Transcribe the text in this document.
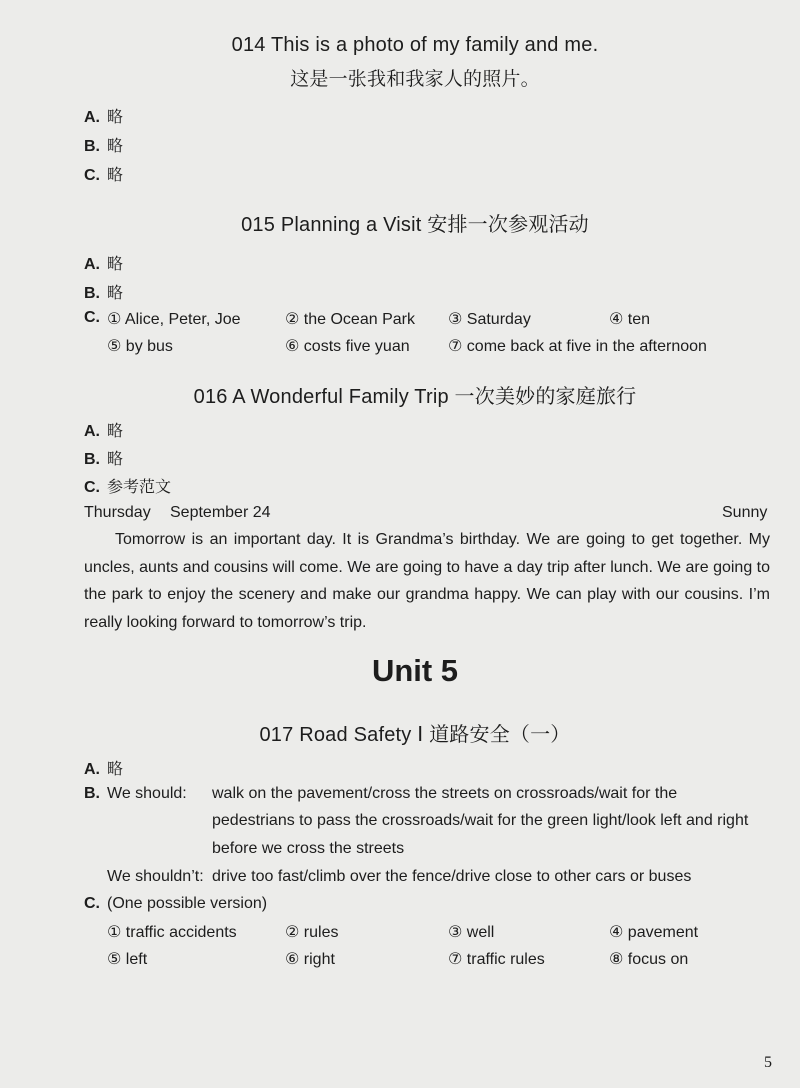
014 This is a photo of my family and me.
这是一张我和我家人的照片。
A. 略
B. 略
C. 略
015 Planning a Visit 安排一次参观活动
A. 略
B. 略
C. ① Alice, Peter, Joe	② the Ocean Park ③ Saturday	④ ten
⑤ by bus	⑥ costs five yuan ⑦ come back at five in the afternoon
016 A Wonderful Family Trip 一次美妙的家庭旅行
A. 略
B. 略
C. 参考范文
Thursday September 24	Sunny
Tomorrow is an important day. It is Grandma’s birthday. We are going to get together. My uncles, aunts and cousins will come. We are going to have a day trip after lunch. We are going to the park to enjoy the scenery and make our grandma happy. We can play with our cousins. I’m really looking forward to tomorrow’s trip.
Unit 5
017 Road Safety Ⅰ 道路安全（一）
A. 略
B. We should: walk on the pavement/cross the streets on crossroads/wait for the
pedestrians to pass the crossroads/wait for the green light/look left and right
before we cross the streets
We shouldn’t: drive too fast/climb over the fence/drive close to other cars or buses
C. (One possible version)
① traffic accidents	② rules	③ well	④ pavement
⑤ left	⑥ right	⑦ traffic rules	⑧ focus on
5
